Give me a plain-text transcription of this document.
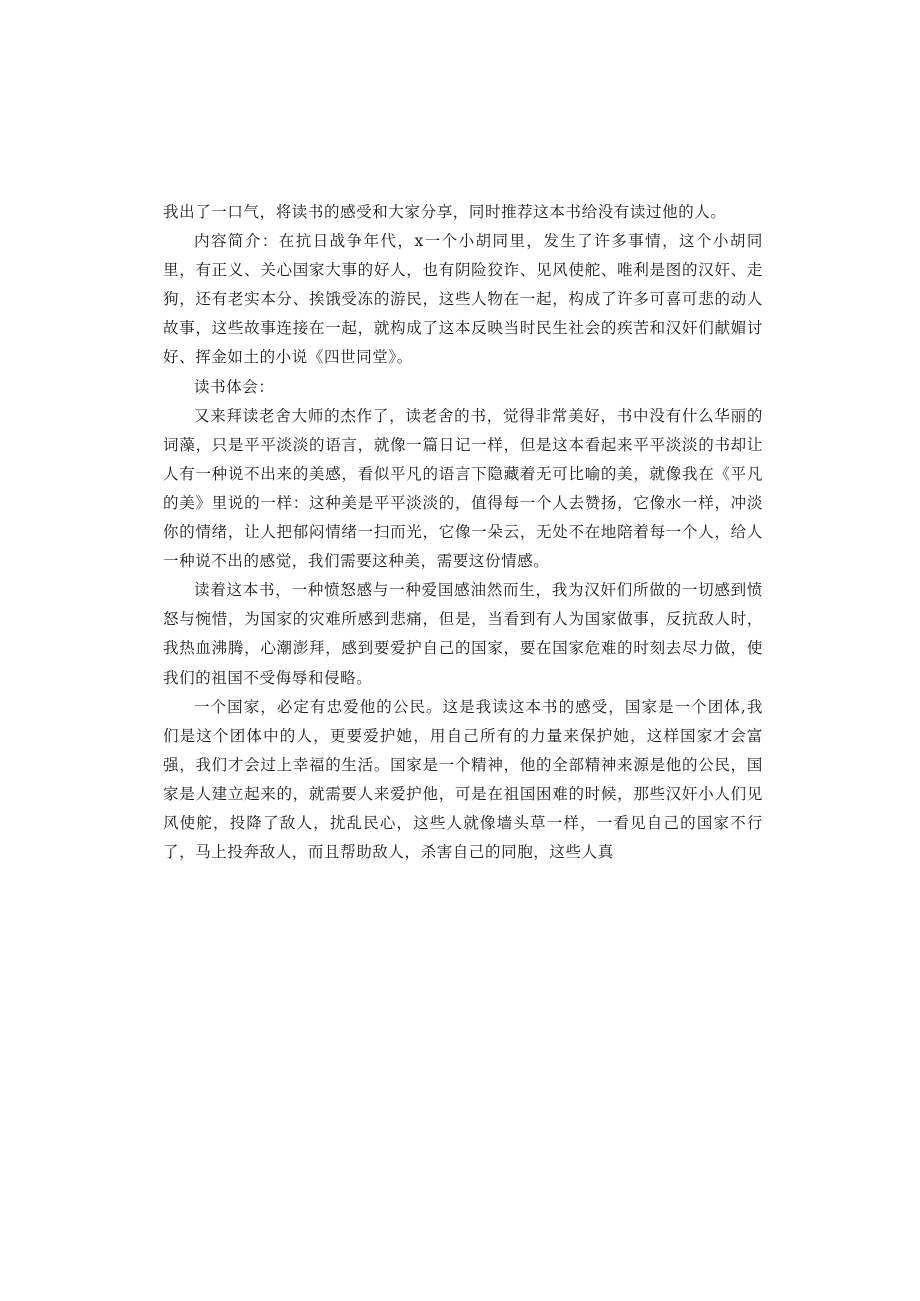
我出了一口气，将读书的感受和大家分享，同时推荐这本书给没有读过他的人。

内容简介：在抗日战争年代，x一个小胡同里，发生了许多事情，这个小胡同里，有正义、关心国家大事的好人，也有阴险狡诈、见风使舵、唯利是图的汉奸、走狗，还有老实本分、挨饿受冻的游民，这些人物在一起，构成了许多可喜可悲的动人故事，这些故事连接在一起，就构成了这本反映当时民生社会的疾苦和汉奸们献媚讨好、挥金如土的小说《四世同堂》。

读书体会：

又来拜读老舍大师的杰作了，读老舍的书，觉得非常美好，书中没有什么华丽的词藻，只是平平淡淡的语言，就像一篇日记一样，但是这本看起来平平淡淡的书却让人有一种说不出来的美感，看似平凡的语言下隐藏着无可比喻的美，就像我在《平凡的美》里说的一样：这种美是平平淡淡的，值得每一个人去赞扬，它像水一样，冲淡你的情绪，让人把郁闷情绪一扫而光，它像一朵云，无处不在地陪着每一个人，给人一种说不出的感觉，我们需要这种美，需要这份情感。

读着这本书，一种愤怒感与一种爱国感油然而生，我为汉奸们所做的一切感到愤怒与惋惜，为国家的灾难所感到悲痛，但是，当看到有人为国家做事，反抗敌人时，我热血沸腾，心潮澎拜，感到要爱护自己的国家，要在国家危难的时刻去尽力做，使我们的祖国不受侮辱和侵略。

一个国家，必定有忠爱他的公民。这是我读这本书的感受，国家是一个团体,我们是这个团体中的人，更要爱护她，用自己所有的力量来保护她，这样国家才会富强，我们才会过上幸福的生活。国家是一个精神，他的全部精神来源是他的公民，国家是人建立起来的，就需要人来爱护他，可是在祖国困难的时候，那些汉奸小人们见风使舵，投降了敌人，扰乱民心，这些人就像墙头草一样，一看见自己的国家不行了，马上投奔敌人，而且帮助敌人，杀害自己的同胞，这些人真
